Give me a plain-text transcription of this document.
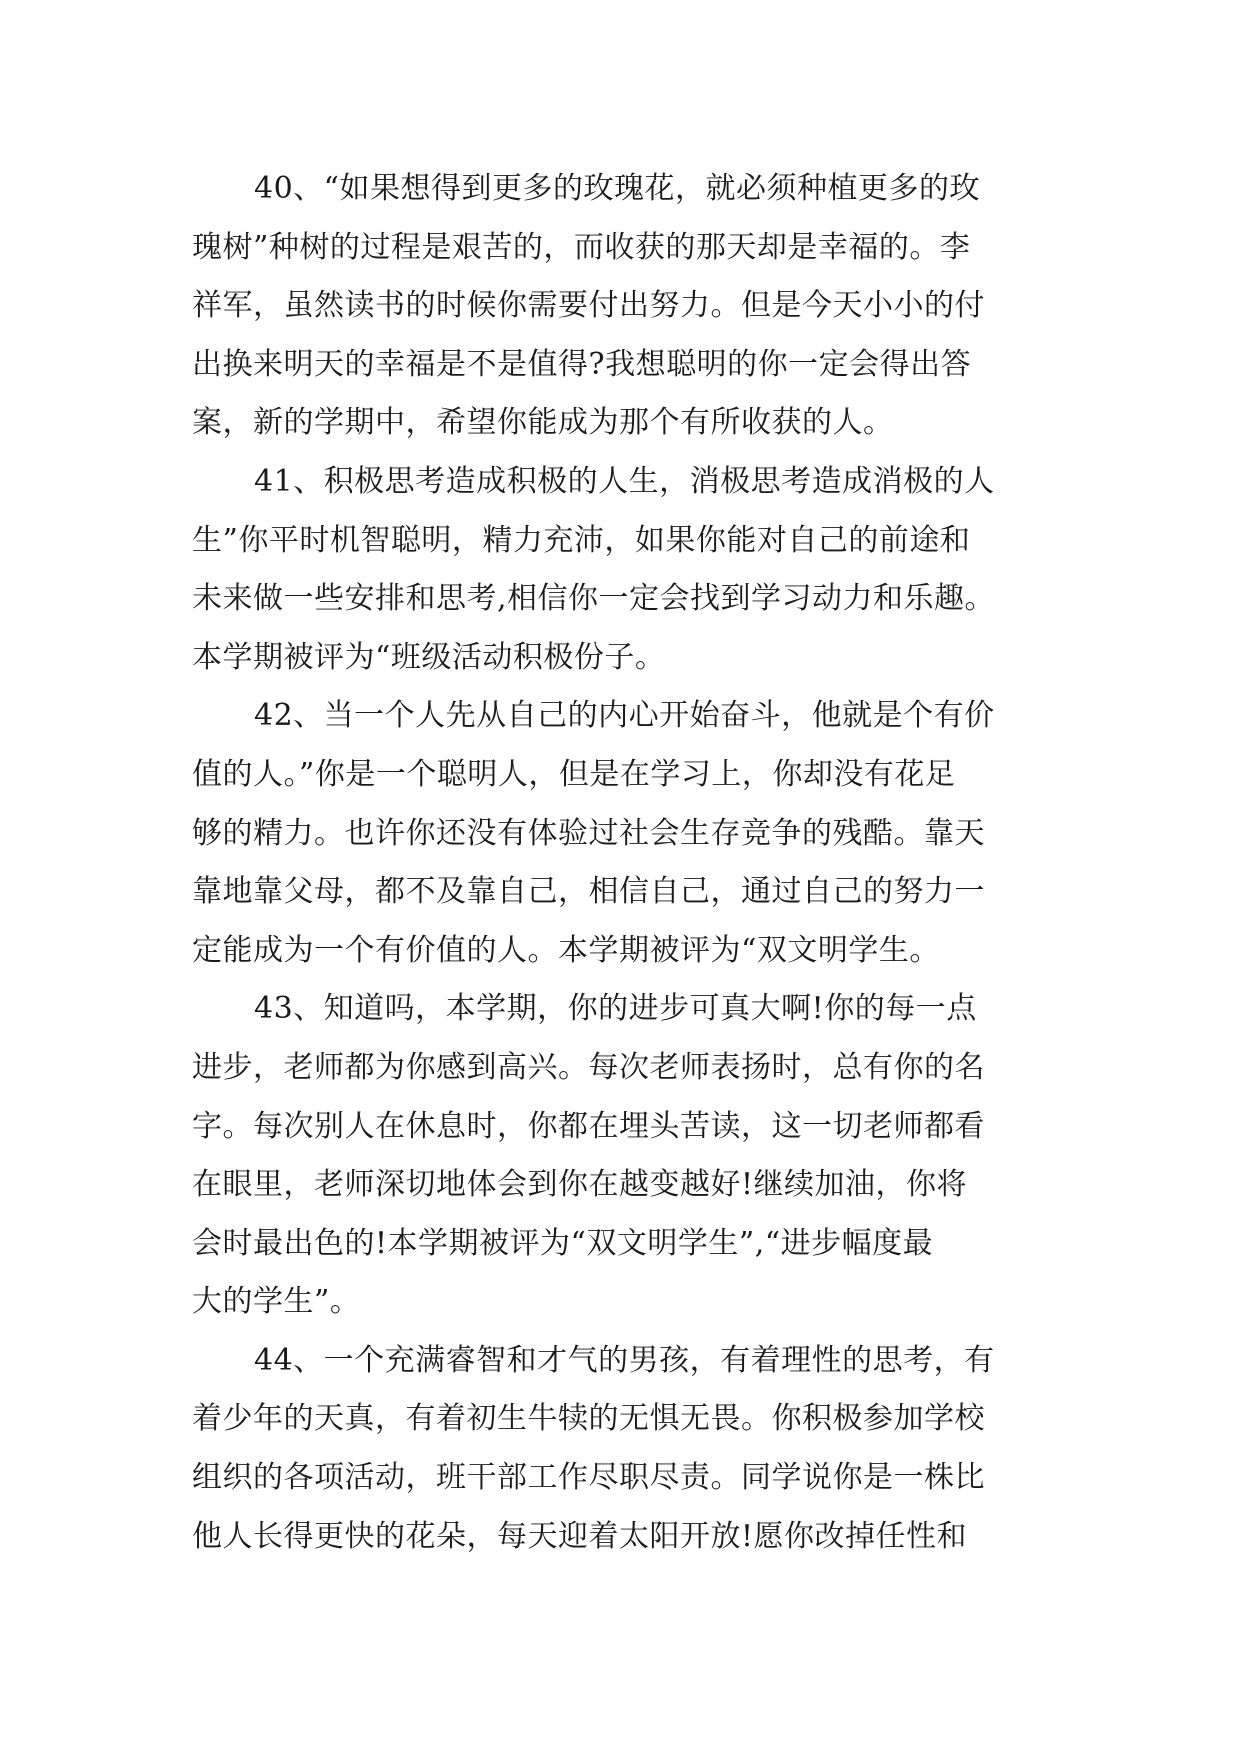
40、“如果想得到更多的玫瑰花，就必须种植更多的玫
瑰树”种树的过程是艰苦的，而收获的那天却是幸福的。李
祥军，虽然读书的时候你需要付出努力。但是今天小小的付
出换来明天的幸福是不是值得?我想聪明的你一定会得出答
案，新的学期中，希望你能成为那个有所收获的人。

41、积极思考造成积极的人生，消极思考造成消极的人
生”你平时机智聪明，精力充沛，如果你能对自己的前途和
未来做一些安排和思考,相信你一定会找到学习动力和乐趣。
本学期被评为“班级活动积极份子。

42、当一个人先从自己的内心开始奋斗，他就是个有价
值的人。”你是一个聪明人，但是在学习上，你却没有花足
够的精力。也许你还没有体验过社会生存竞争的残酷。靠天
靠地靠父母，都不及靠自己，相信自己，通过自己的努力一
定能成为一个有价值的人。本学期被评为“双文明学生。

43、知道吗，本学期，你的进步可真大啊!你的每一点
进步，老师都为你感到高兴。每次老师表扬时，总有你的名
字。每次别人在休息时，你都在埋头苦读，这一切老师都看
在眼里，老师深切地体会到你在越变越好!继续加油，你将
会时最出色的!本学期被评为“双文明学生”,“进步幅度最
大的学生”。

44、一个充满睿智和才气的男孩，有着理性的思考，有
着少年的天真，有着初生牛犊的无惧无畏。你积极参加学校
组织的各项活动，班干部工作尽职尽责。同学说你是一株比
他人长得更快的花朵，每天迎着太阳开放!愿你改掉任性和
